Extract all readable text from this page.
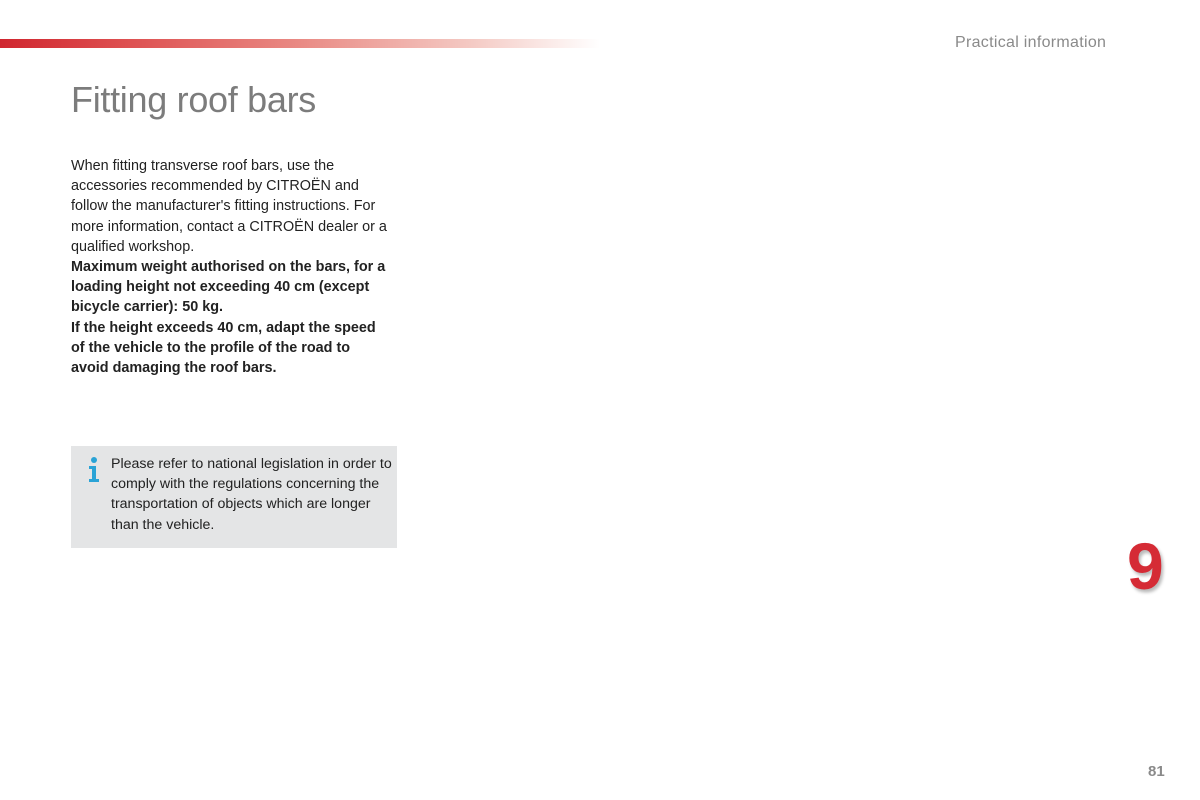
Practical information
Fitting roof bars

When fitting transverse roof bars, use the accessories recommended by CITROËN and follow the manufacturer's fitting instructions. For more information, contact a CITROËN dealer or a qualified workshop.

Maximum weight authorised on the bars, for a loading height not exceeding 40 cm (except bicycle carrier): 50 kg.

If the height exceeds 40 cm, adapt the speed of the vehicle to the profile of the road to avoid damaging the roof bars.

Please refer to national legislation in order to comply with the regulations concerning the transportation of objects which are longer than the vehicle.

9
81
